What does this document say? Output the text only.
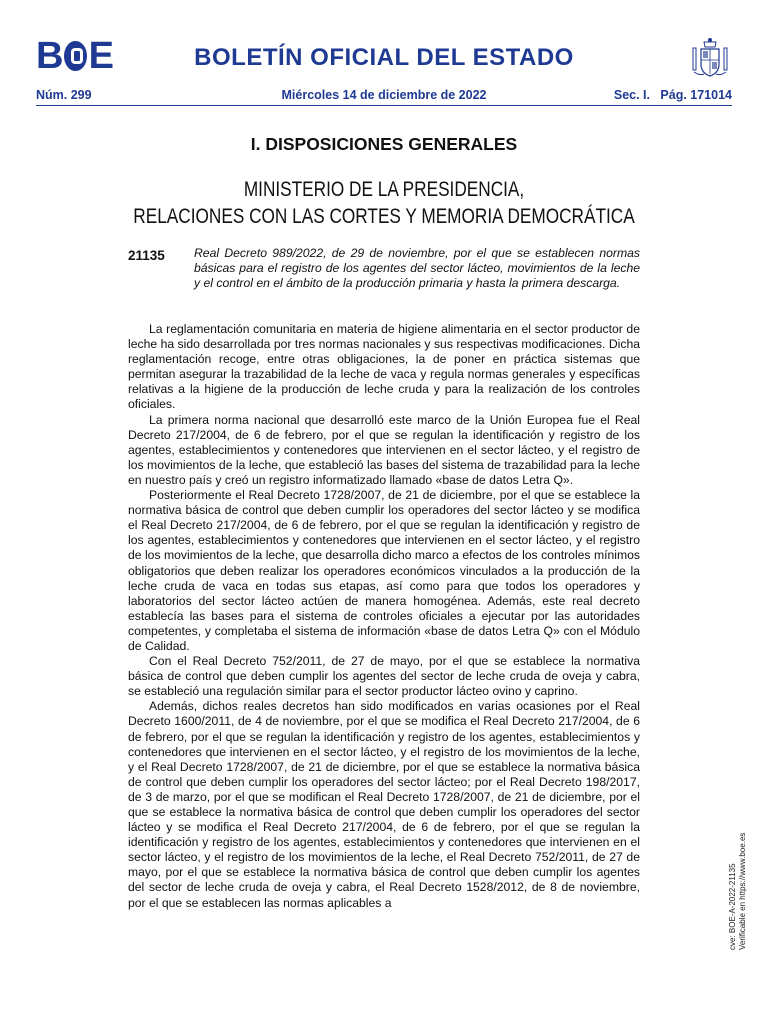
B E	BOLETÍN OFICIAL DEL ESTADO
Núm. 299	Miércoles 14 de diciembre de 2022	Sec. I.   Pág. 171014
I. DISPOSICIONES GENERALES
MINISTERIO DE LA PRESIDENCIA,
RELACIONES CON LAS CORTES Y MEMORIA DEMOCRÁTICA
21135 Real Decreto 989/2022, de 29 de noviembre, por el que se establecen normas básicas para el registro de los agentes del sector lácteo, movimientos de la leche y el control en el ámbito de la producción primaria y hasta la primera descarga.

La reglamentación comunitaria en materia de higiene alimentaria en el sector productor de leche ha sido desarrollada por tres normas nacionales y sus respectivas modificaciones. Dicha reglamentación recoge, entre otras obligaciones, la de poner en práctica sistemas que permitan asegurar la trazabilidad de la leche de vaca y regula normas generales y específicas relativas a la higiene de la producción de leche cruda y para la realización de los controles oficiales.

La primera norma nacional que desarrolló este marco de la Unión Europea fue el Real Decreto 217/2004, de 6 de febrero, por el que se regulan la identificación y registro de los agentes, establecimientos y contenedores que intervienen en el sector lácteo, y el registro de los movimientos de la leche, que estableció las bases del sistema de trazabilidad para la leche en nuestro país y creó un registro informatizado llamado «base de datos Letra Q».

Posteriormente el Real Decreto 1728/2007, de 21 de diciembre, por el que se establece la normativa básica de control que deben cumplir los operadores del sector lácteo y se modifica el Real Decreto 217/2004, de 6 de febrero, por el que se regulan la identificación y registro de los agentes, establecimientos y contenedores que intervienen en el sector lácteo, y el registro de los movimientos de la leche, que desarrolla dicho marco a efectos de los controles mínimos obligatorios que deben realizar los operadores económicos vinculados a la producción de la leche cruda de vaca en todas sus etapas, así como para que todos los operadores y laboratorios del sector lácteo actúen de manera homogénea. Además, este real decreto establecía las bases para el sistema de controles oficiales a ejecutar por las autoridades competentes, y completaba el sistema de información «base de datos Letra Q» con el Módulo de Calidad.

Con el Real Decreto 752/2011, de 27 de mayo, por el que se establece la normativa básica de control que deben cumplir los agentes del sector de leche cruda de oveja y cabra, se estableció una regulación similar para el sector productor lácteo ovino y caprino.

Además, dichos reales decretos han sido modificados en varias ocasiones por el Real Decreto 1600/2011, de 4 de noviembre, por el que se modifica el Real Decreto 217/2004, de 6 de febrero, por el que se regulan la identificación y registro de los agentes, establecimientos y contenedores que intervienen en el sector lácteo, y el registro de los movimientos de la leche, y el Real Decreto 1728/2007, de 21 de diciembre, por el que se establece la normativa básica de control que deben cumplir los operadores del sector lácteo; por el Real Decreto 198/2017, de 3 de marzo, por el que se modifican el Real Decreto 1728/2007, de 21 de diciembre, por el que se establece la normativa básica de control que deben cumplir los operadores del sector lácteo y se modifica el Real Decreto 217/2004, de 6 de febrero, por el que se regulan la identificación y registro de los agentes, establecimientos y contenedores que intervienen en el sector lácteo, y el registro de los movimientos de la leche, el Real Decreto 752/2011, de 27 de mayo, por el que se establece la normativa básica de control que deben cumplir los agentes del sector de leche cruda de oveja y cabra, el Real Decreto 1528/2012, de 8 de noviembre, por el que se establecen las normas aplicables a	cve: BOE-A-2022-21135 Verificable en https://www.boe.es
